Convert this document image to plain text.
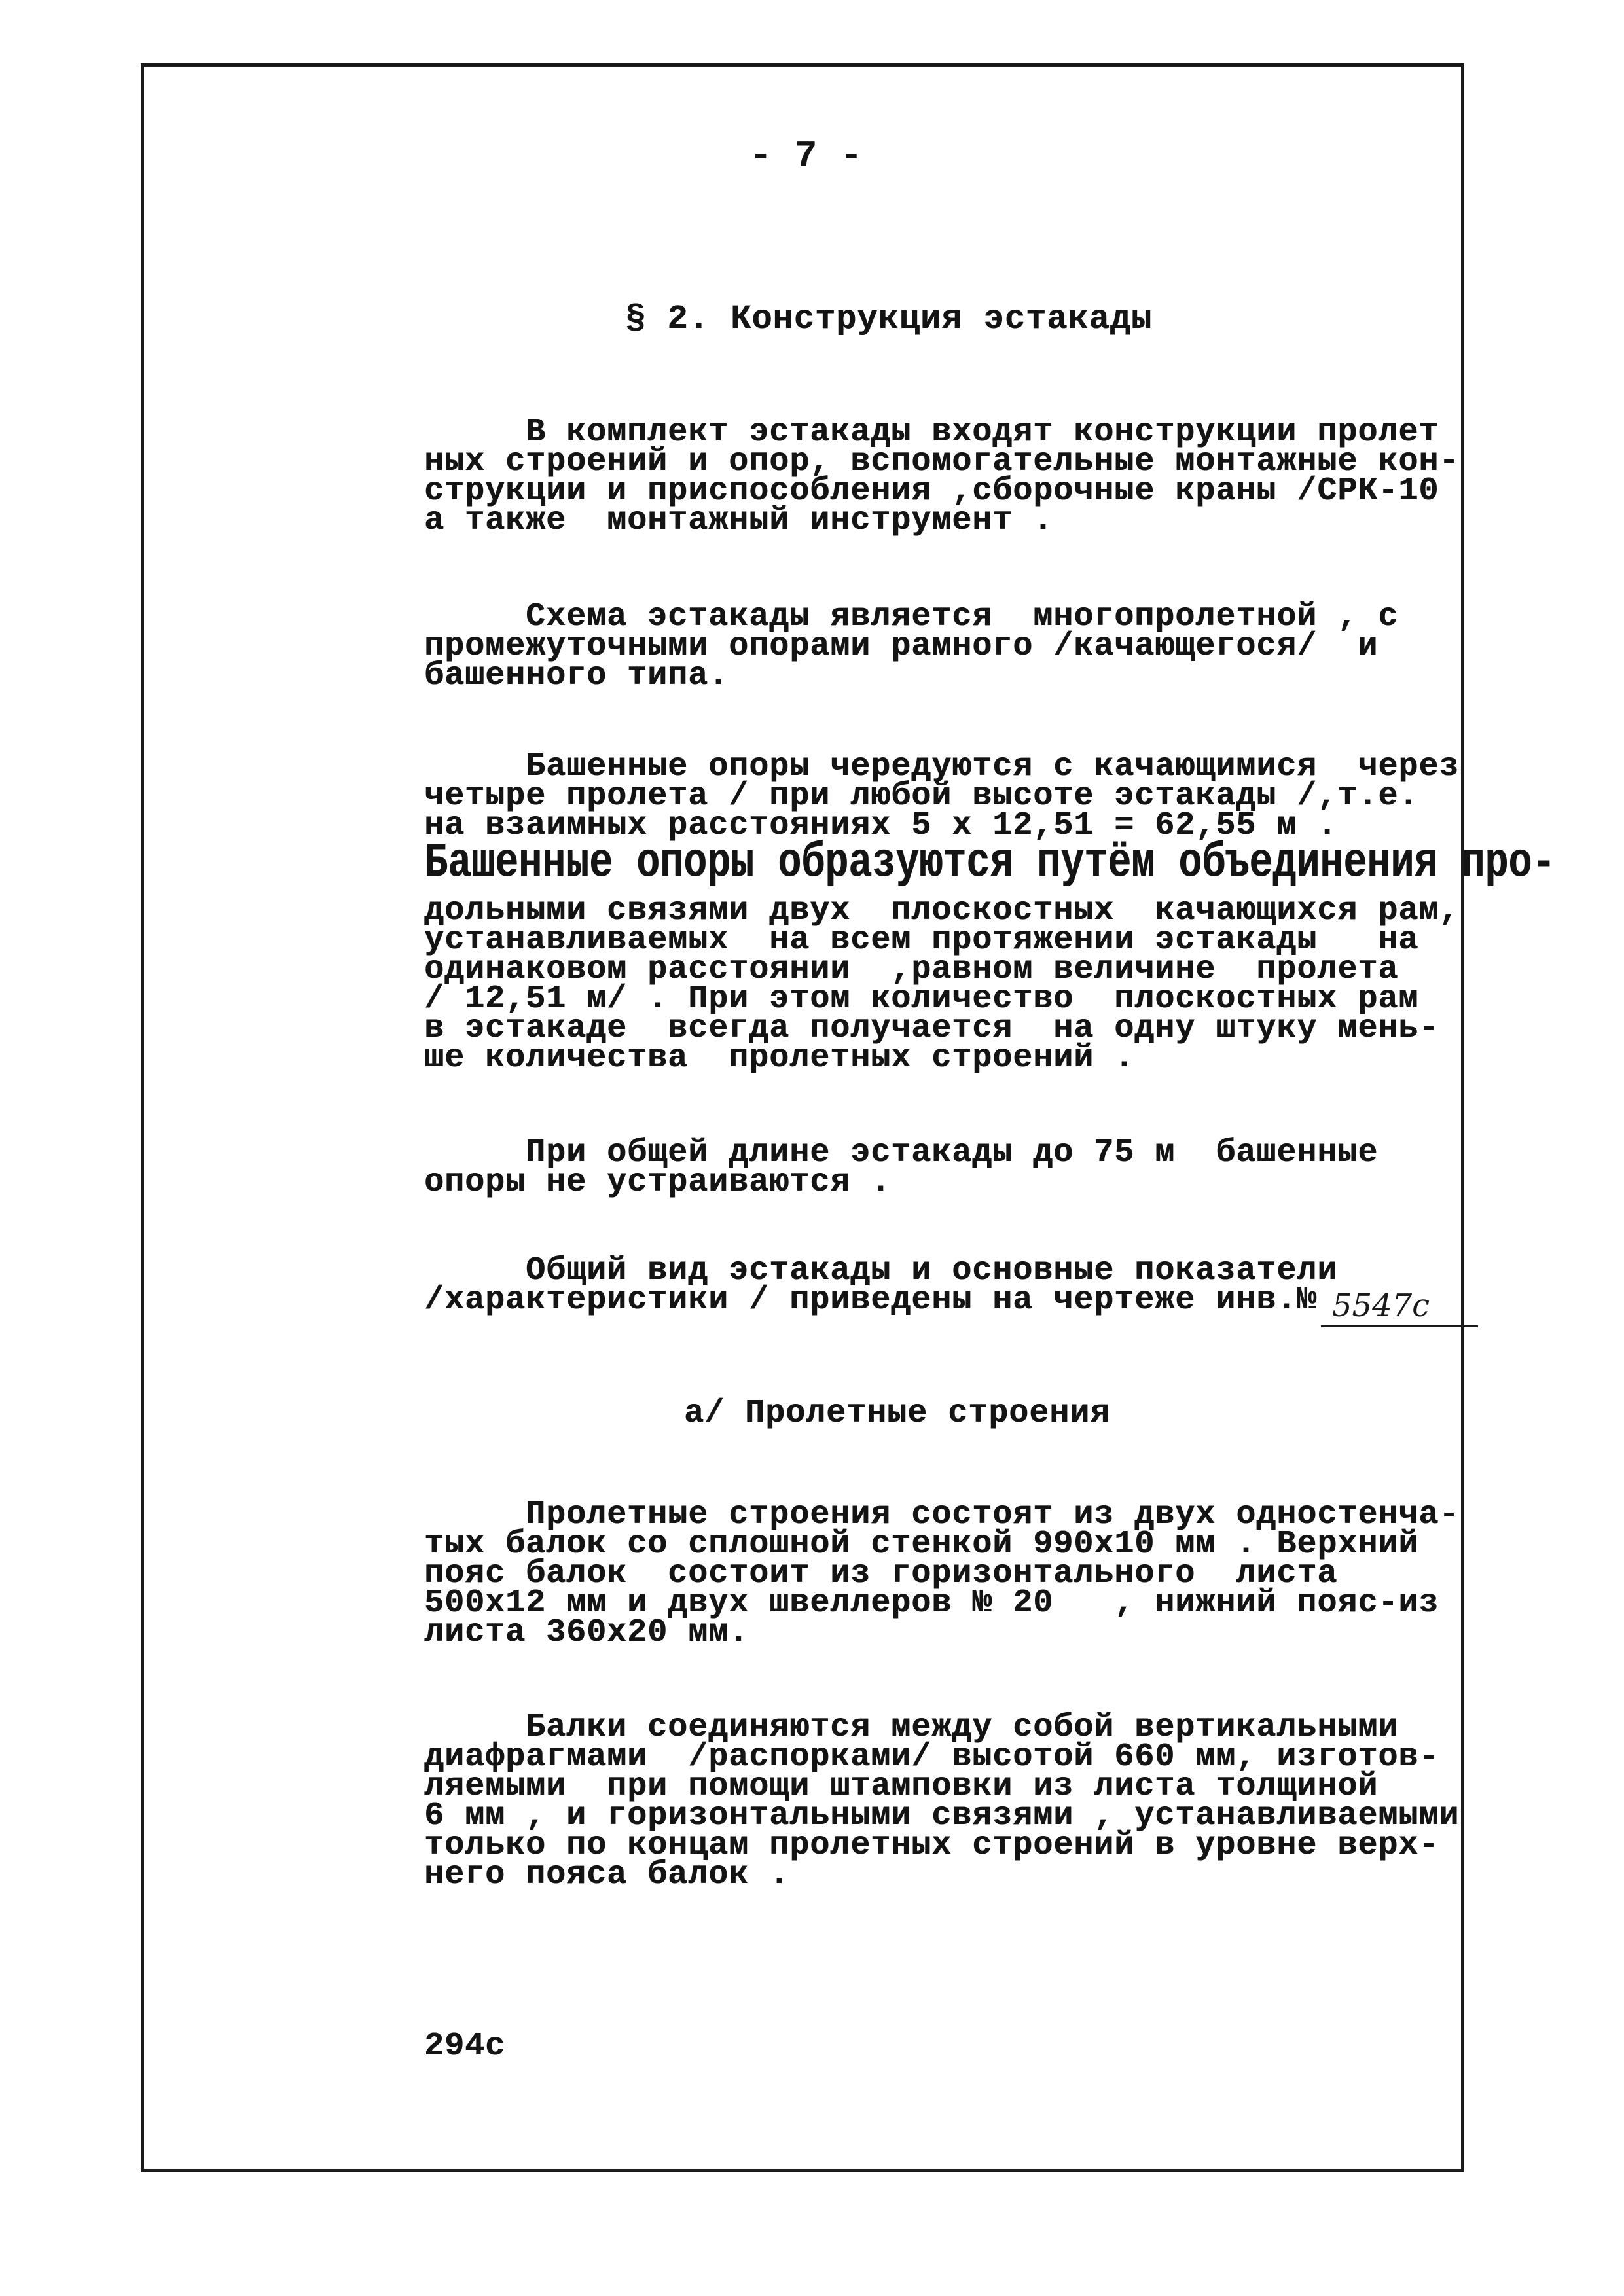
- 7 -
§ 2. Конструкция эстакады
В комплект эстакады входят конструкции пролет
ных строений и опор, вспомогательные монтажные кон-
струкции и приспособления ,сборочные краны /СРК-10
а также  монтажный инструмент .
Схема эстакады является  многопролетной , с
промежуточными опорами рамного /качающегося/  и
башенного типа.
Башенные опоры чередуются с качающимися  через
четыре пролета / при любой высоте эстакады /,т.е.
на взаимных расстояниях 5 х 12,51 = 62,55 м .
Башенные опоры образуются путём объединения про-
дольными связями двух  плоскостных  качающихся рам,
устанавливаемых  на всем протяжении эстакады   на
одинаковом расстоянии  ,равном величине  пролета
/ 12,51 м/ . При этом количество  плоскостных рам
в эстакаде  всегда получается  на одну штуку мень-
ше количества  пролетных строений .
При общей длине эстакады до 75 м  башенные
опоры не устраиваются .
Общий вид эстакады и основные показатели
/характеристики / приведены на чертеже инв.№ 5547с
а/ Пролетные строения
Пролетные строения состоят из двух одностенча-
тых балок со сплошной стенкой 990х10 мм . Верхний
пояс балок  состоит из горизонтального  листа
500х12 мм и двух швеллеров № 20   , нижний пояс-из
листа 360х20 мм.
Балки соединяются между собой вертикальными
диафрагмами  /распорками/ высотой 660 мм, изготов-
ляемыми  при помощи штамповки из листа толщиной
6 мм , и горизонтальными связями , устанавливаемыми
только по концам пролетных строений в уровне верх-
него пояса балок .
294с
